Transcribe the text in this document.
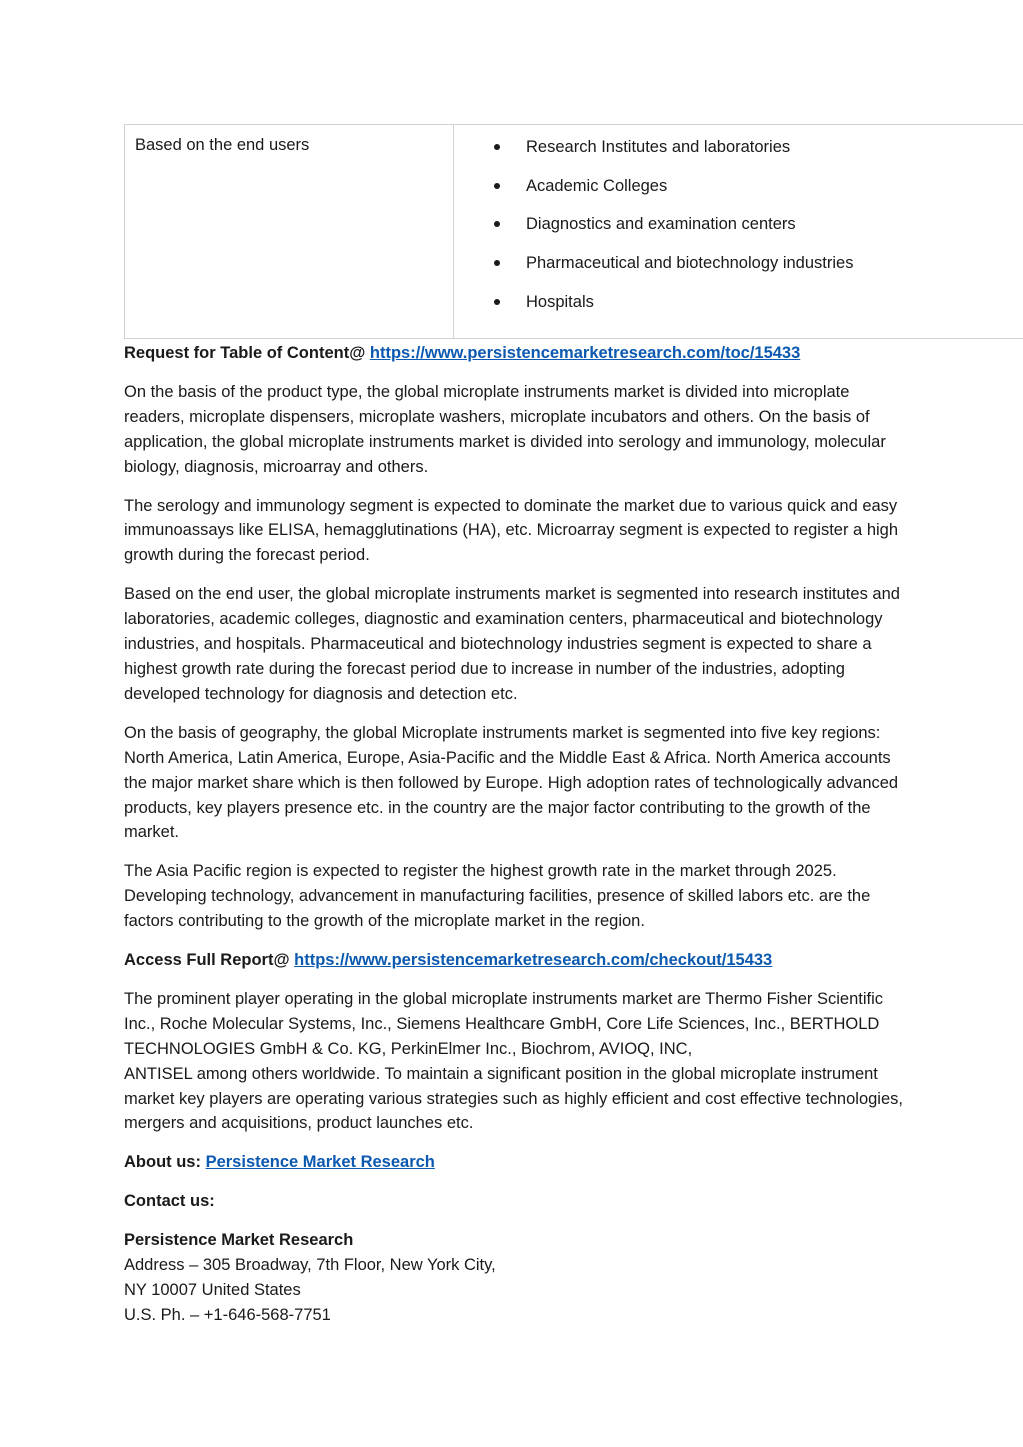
Based on the end users	Research Institutes and laboratories
Academic Colleges
Diagnostics and examination centers
Pharmaceutical and biotechnology industries
Hospitals

Request for Table of Content@ https://www.persistencemarketresearch.com/toc/15433

On the basis of the product type, the global microplate instruments market is divided into microplate readers, microplate dispensers, microplate washers, microplate incubators and others. On the basis of application, the global microplate instruments market is divided into serology and immunology, molecular biology, diagnosis, microarray and others.

The serology and immunology segment is expected to dominate the market due to various quick and easy immunoassays like ELISA, hemagglutinations (HA), etc. Microarray segment is expected to register a high growth during the forecast period.

Based on the end user, the global microplate instruments market is segmented into research institutes and laboratories, academic colleges, diagnostic and examination centers, pharmaceutical and biotechnology industries, and hospitals. Pharmaceutical and biotechnology industries segment is expected to share a highest growth rate during the forecast period due to increase in number of the industries, adopting developed technology for diagnosis and detection etc.

On the basis of geography, the global Microplate instruments market is segmented into five key regions: North America, Latin America, Europe, Asia-Pacific and the Middle East & Africa. North America accounts the major market share which is then followed by Europe. High adoption rates of technologically advanced products, key players presence etc. in the country are the major factor contributing to the growth of the market.

The Asia Pacific region is expected to register the highest growth rate in the market through 2025. Developing technology, advancement in manufacturing facilities, presence of skilled labors etc. are the factors contributing to the growth of the microplate market in the region.

Access Full Report@ https://www.persistencemarketresearch.com/checkout/15433

The prominent player operating in the global microplate instruments market are Thermo Fisher Scientific Inc., Roche Molecular Systems, Inc., Siemens Healthcare GmbH, Core Life Sciences, Inc., BERTHOLD TECHNOLOGIES GmbH & Co. KG, PerkinElmer Inc., Biochrom, AVIOQ, INC,
ANTISEL among others worldwide. To maintain a significant position in the global microplate instrument market key players are operating various strategies such as highly efficient and cost effective technologies, mergers and acquisitions, product launches etc.

About us: Persistence Market Research

Contact us:

Persistence Market Research
Address – 305 Broadway, 7th Floor, New York City,
NY 10007 United States
U.S. Ph. – +1-646-568-7751
